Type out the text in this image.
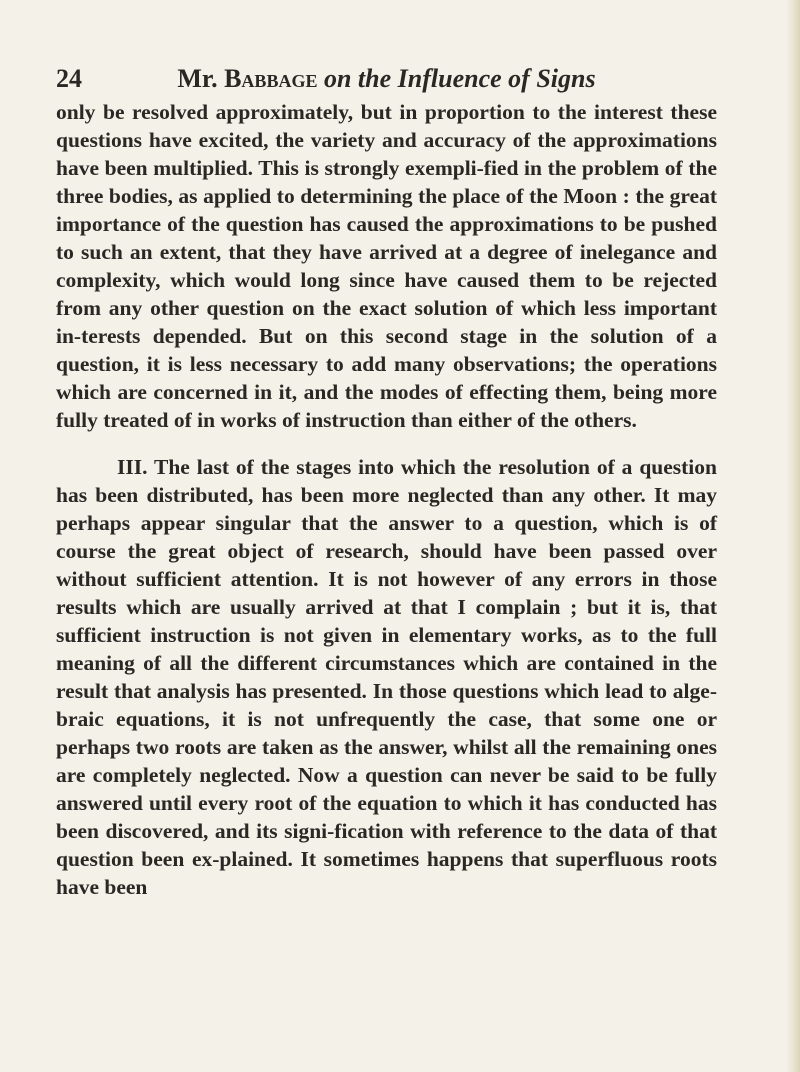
24	Mr. Babbage on the Influence of Signs

only be resolved approximately, but in proportion to the interest these questions have excited, the variety and accuracy of the approximations have been multiplied. This is strongly exempli-fied in the problem of the three bodies, as applied to determining the place of the Moon : the great importance of the question has caused the approximations to be pushed to such an extent, that they have arrived at a degree of inelegance and complexity, which would long since have caused them to be rejected from any other question on the exact solution of which less important in-terests depended. But on this second stage in the solution of a question, it is less necessary to add many observations; the operations which are concerned in it, and the modes of effecting them, being more fully treated of in works of instruction than either of the others.

III. The last of the stages into which the resolution of a question has been distributed, has been more neglected than any other. It may perhaps appear singular that the answer to a question, which is of course the great object of research, should have been passed over without sufficient attention. It is not however of any errors in those results which are usually arrived at that I complain ; but it is, that sufficient instruction is not given in elementary works, as to the full meaning of all the different circumstances which are contained in the result that analysis has presented. In those questions which lead to alge-braic equations, it is not unfrequently the case, that some one or perhaps two roots are taken as the answer, whilst all the remaining ones are completely neglected. Now a question can never be said to be fully answered until every root of the equation to which it has conducted has been discovered, and its signi-fication with reference to the data of that question been ex-plained. It sometimes happens that superfluous roots have been
